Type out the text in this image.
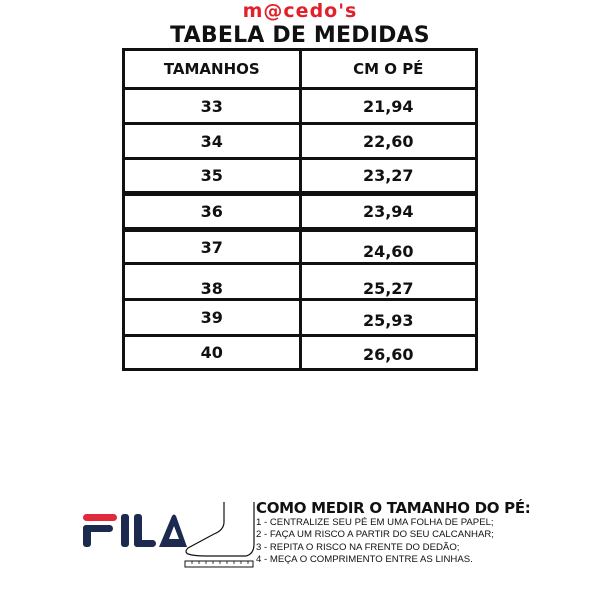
m@cedo's
TABELA DE MEDIDAS
TAMANHOS	CM O PÉ
33	21,94
34	22,60
35	23,27
36	23,94
37	24,60
38	25,27
39	25,93
40	26,60
COMO MEDIR O TAMANHO DO PÉ:
1 - CENTRALIZE SEU PÉ EM UMA FOLHA DE PAPEL;
2 - FAÇA UM RISCO A PARTIR DO SEU CALCANHAR;
3 - REPITA O RISCO NA FRENTE DO DEDÃO;
4 - MEÇA O COMPRIMENTO ENTRE AS LINHAS.
